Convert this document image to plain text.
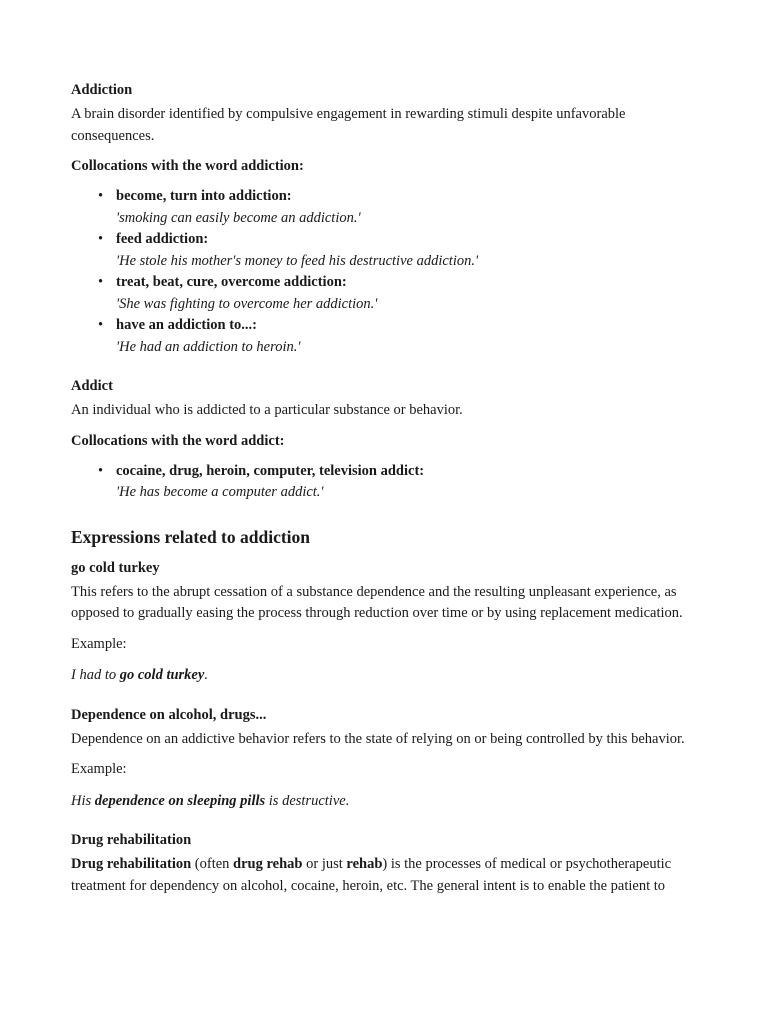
Addiction

A brain disorder identified by compulsive engagement in rewarding stimuli despite unfavorable consequences.

Collocations with the word addiction:

• become, turn into addiction:
'smoking can easily become an addiction.'
• feed addiction:
'He stole his mother's money to feed his destructive addiction.'
• treat, beat, cure, overcome addiction:
'She was fighting to overcome her addiction.'
• have an addiction to...:
'He had an addiction to heroin.'

Addict

An individual who is addicted to a particular substance or behavior.

Collocations with the word addict:

• cocaine, drug, heroin, computer, television addict:
'He has become a computer addict.'

Expressions related to addiction

go cold turkey

This refers to the abrupt cessation of a substance dependence and the resulting unpleasant experience, as opposed to gradually easing the process through reduction over time or by using replacement medication.

Example:

I had to go cold turkey.

Dependence on alcohol, drugs...

Dependence on an addictive behavior refers to the state of relying on or being controlled by this behavior.

Example:

His dependence on sleeping pills is destructive.

Drug rehabilitation

Drug rehabilitation (often drug rehab or just rehab) is the processes of medical or psychotherapeutic treatment for dependency on alcohol, cocaine, heroin, etc. The general intent is to enable the patient to
